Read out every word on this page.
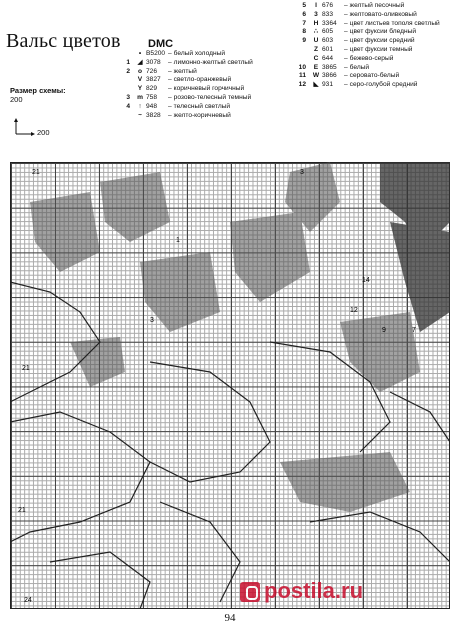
Вальс цветов DMC
Размер схемы:
200
200
• B5200 – белый холодный
1	◢ 3078	– лимонно-желтый светлый
2	o 726	– желтый
V 3827	– светло-оранжевый
Y 829	– коричневый горчичный
3	m 758	– розово-телесный темный
4	↑ 948	– телесный светлый
~ 3828	– желто-коричневый
5	I 676	– желтый песочный
6	3 833	– желтовато-оливковый
7	H 3364	– цвет листьев тополя светлый
8	∴ 605	– цвет фуксии бледный
9	U 603	– цвет фуксии средний
Z 601	– цвет фуксии темный
C 644	– бежево-серый
10	E 3865	– белый
11	W 3866	– серовато-белый
12	◣ 931	– серо-голубой средний
21
21
21
24
1
3
12
14
9	7
3
postila.ru
94
